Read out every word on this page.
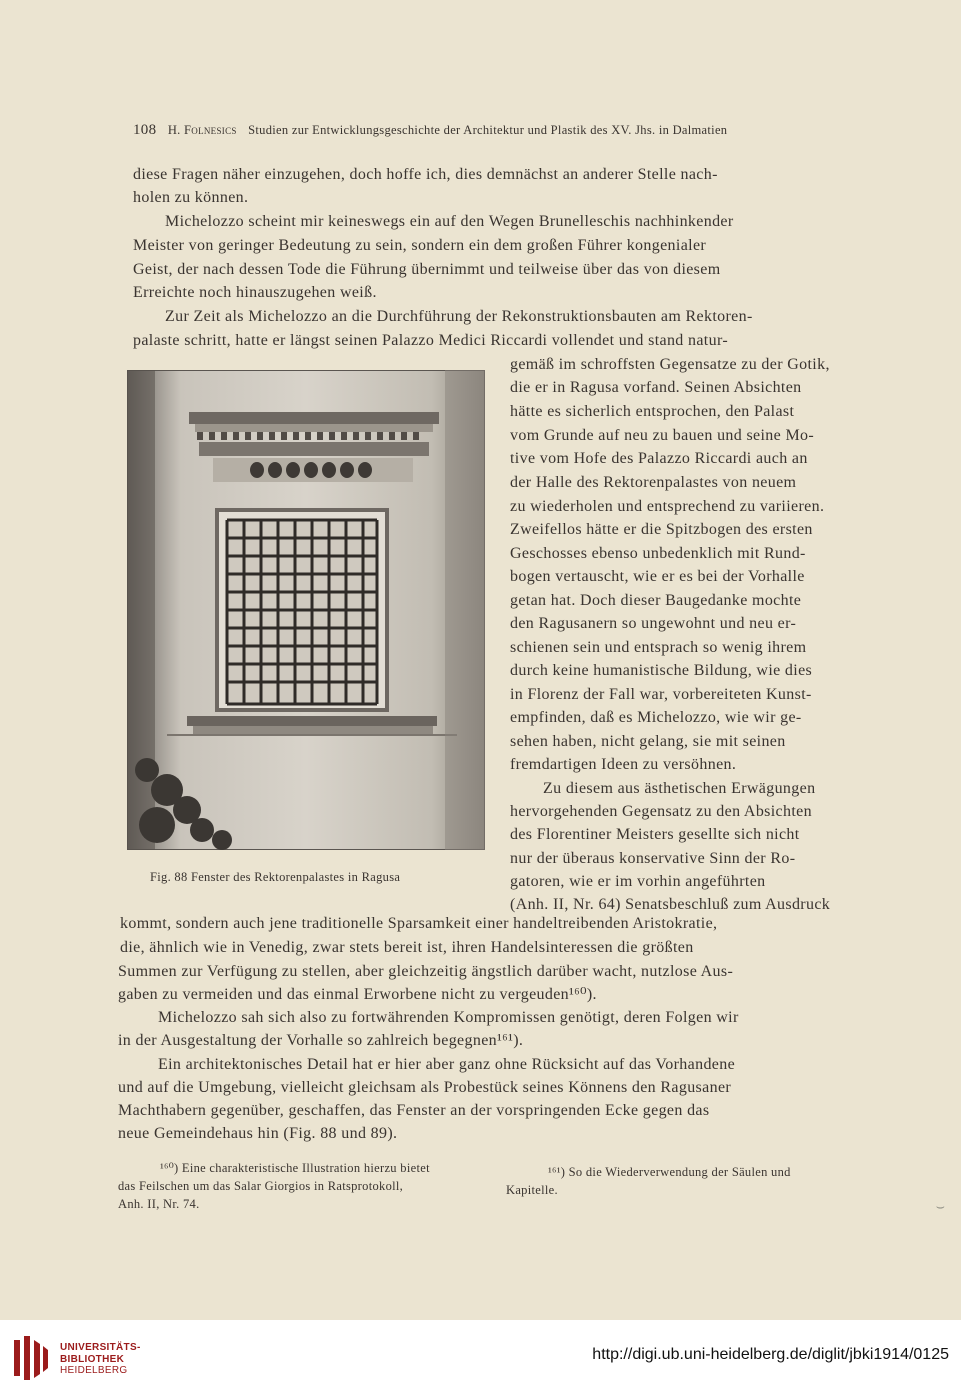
108 H. Folnesics Studien zur Entwicklungsgeschichte der Architektur und Plastik des XV. Jhs. in Dalmatien
diese Fragen näher einzugehen, doch hoffe ich, dies demnächst an anderer Stelle nach-
holen zu können.
Michelozzo scheint mir keineswegs ein auf den Wegen Brunelleschis nachhinkender
Meister von geringer Bedeutung zu sein, sondern ein dem großen Führer kongenialer
Geist, der nach dessen Tode die Führung übernimmt und teilweise über das von diesem
Erreichte noch hinauszugehen weiß.
Zur Zeit als Michelozzo an die Durchführung der Rekonstruktionsbauten am Rektoren-
palaste schritt, hatte er längst seinen Palazzo Medici Riccardi vollendet und stand natur-
gemäß im schroffsten Gegensatze zu der Gotik,
die er in Ragusa vorfand. Seinen Absichten
hätte es sicherlich entsprochen, den Palast
vom Grunde auf neu zu bauen und seine Mo-
tive vom Hofe des Palazzo Riccardi auch an
der Halle des Rektorenpalastes von neuem
zu wiederholen und entsprechend zu variieren.
Zweifellos hätte er die Spitzbogen des ersten
Geschosses ebenso unbedenklich mit Rund-
bogen vertauscht, wie er es bei der Vorhalle
getan hat. Doch dieser Baugedanke mochte
den Ragusanern so ungewohnt und neu er-
schienen sein und entsprach so wenig ihrem
durch keine humanistische Bildung, wie dies
in Florenz der Fall war, vorbereiteten Kunst-
empfinden, daß es Michelozzo, wie wir ge-
sehen haben, nicht gelang, sie mit seinen
fremdartigen Ideen zu versöhnen.
Zu diesem aus ästhetischen Erwägungen
hervorgehenden Gegensatz zu den Absichten
des Florentiner Meisters gesellte sich nicht
nur der überaus konservative Sinn der Ro-
gatoren, wie er im vorhin angeführten
(Anh. II, Nr. 64) Senatsbeschluß zum Ausdruck
kommt, sondern auch jene traditionelle Sparsamkeit einer handeltreibenden Aristokratie,
die, ähnlich wie in Venedig, zwar stets bereit ist, ihren Handelsinteressen die größten
Summen zur Verfügung zu stellen, aber gleichzeitig ängstlich darüber wacht, nutzlose Aus-
gaben zu vermeiden und das einmal Erworbene nicht zu vergeuden¹⁶⁰).
Michelozzo sah sich also zu fortwährenden Kompromissen genötigt, deren Folgen wir
in der Ausgestaltung der Vorhalle so zahlreich begegnen¹⁶¹).
Ein architektonisches Detail hat er hier aber ganz ohne Rücksicht auf das Vorhandene
und auf die Umgebung, vielleicht gleichsam als Probestück seines Könnens den Ragusaner
Machthabern gegenüber, geschaffen, das Fenster an der vorspringenden Ecke gegen das
neue Gemeindehaus hin (Fig. 88 und 89).
Fig. 88 Fenster des Rektorenpalastes in Ragusa
¹⁶⁰) Eine charakteristische Illustration hierzu bietet
das Feilschen um das Salar Giorgios in Ratsprotokoll,
Anh. II, Nr. 74.
¹⁶¹) So die Wiederverwendung der Säulen und
Kapitelle.
⌣
UNIVERSITÄTS-
BIBLIOTHEK
HEIDELBERG
http://digi.ub.uni-heidelberg.de/diglit/jbki1914/0125
